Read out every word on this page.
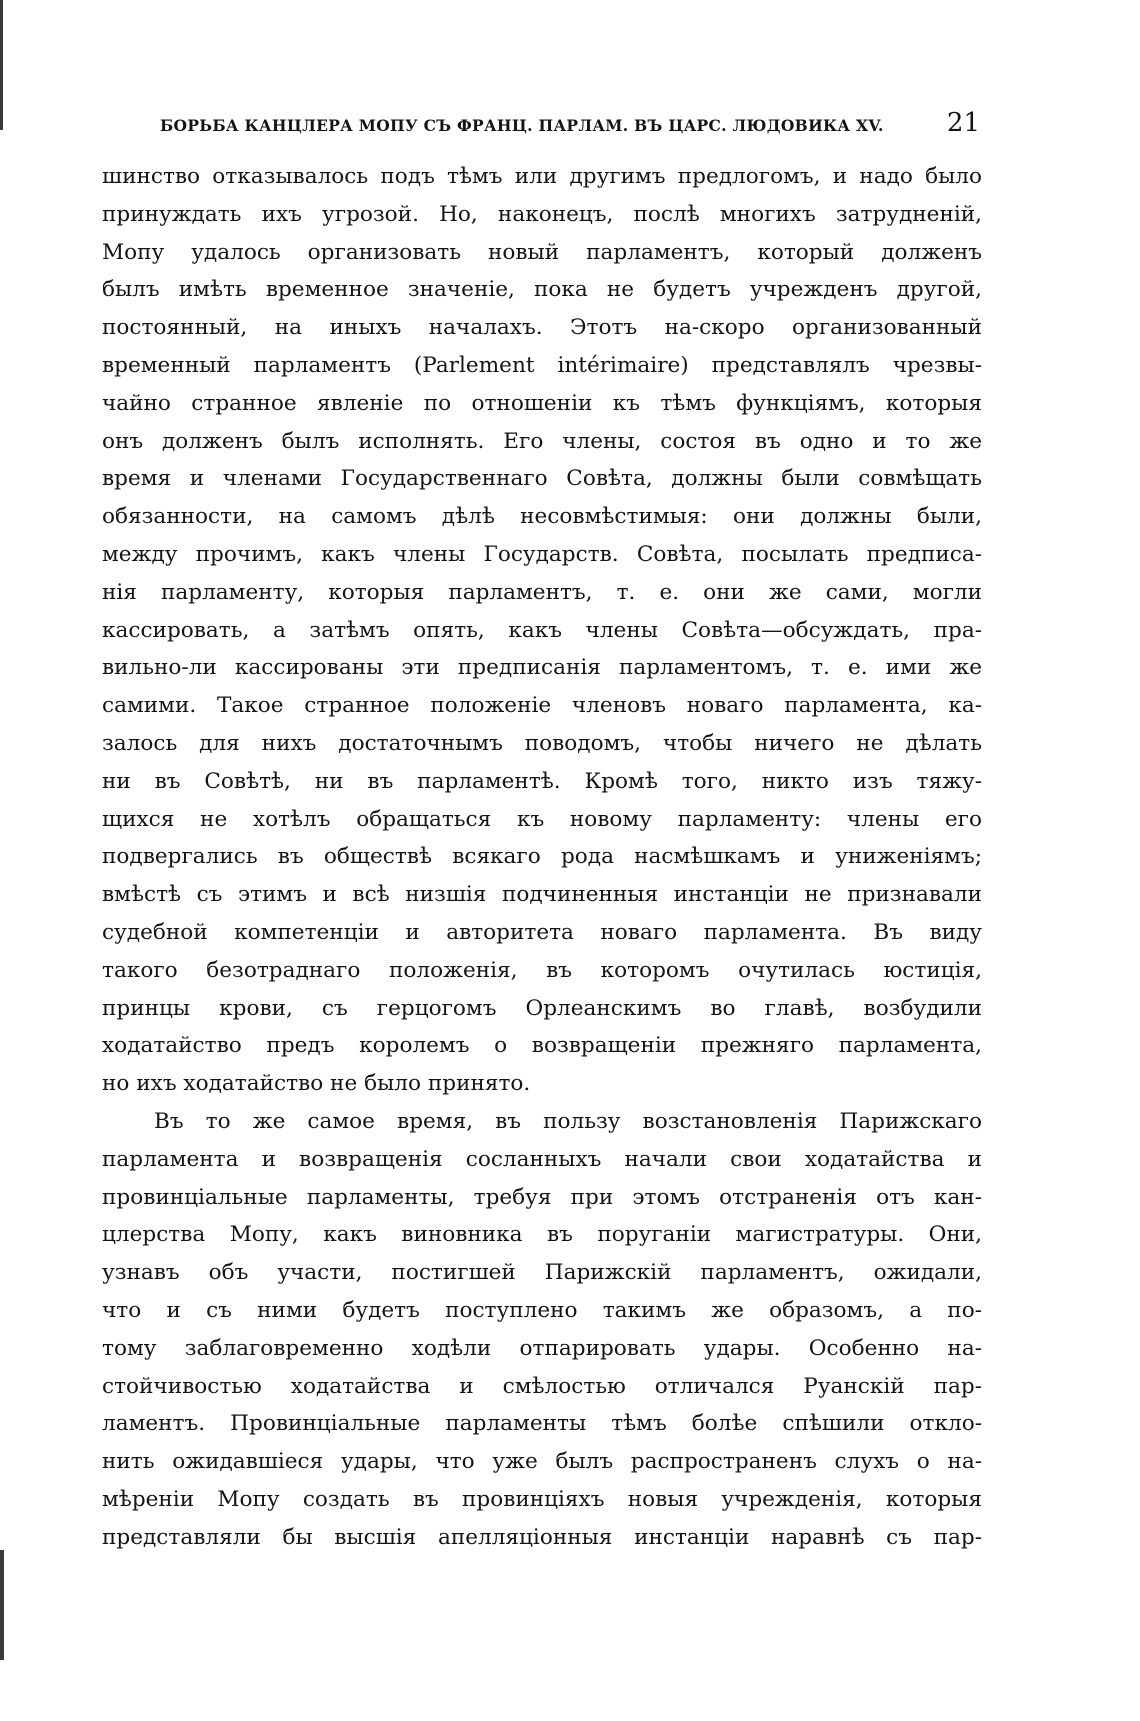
БОРЬБА КАНЦЛЕРА МОПУ СЪ ФРАНЦ. ПАРЛАМ. ВЪ ЦАРС. ЛЮДОВИКА XV. 21
шинство отказывалось подъ тѣмъ или другимъ предлогомъ, и надо было
принуждать ихъ угрозой. Но, наконецъ, послѣ многихъ затрудненій,
Мопу удалось организовать новый парламентъ, который долженъ
былъ имѣть временное значеніе, пока не будетъ учрежденъ другой,
постоянный, на иныхъ началахъ. Этотъ на-скоро организованный
временный парламентъ (Parlement intérimaire) представлялъ чрезвы-
чайно странное явленіе по отношеніи къ тѣмъ функціямъ, которыя
онъ долженъ былъ исполнять. Его члены, состоя въ одно и то же
время и членами Государственнаго Совѣта, должны были совмѣщать
обязанности, на самомъ дѣлѣ несовмѣстимыя: они должны были,
между прочимъ, какъ члены Государств. Совѣта, посылать предписа-
нія парламенту, которыя парламентъ, т. е. они же сами, могли
кассировать, а затѣмъ опять, какъ члены Совѣта—обсуждать, пра-
вильно-ли кассированы эти предписанія парламентомъ, т. е. ими же
самими. Такое странное положеніе членовъ новаго парламента, ка-
залось для нихъ достаточнымъ поводомъ, чтобы ничего не дѣлать
ни въ Совѣтѣ, ни въ парламентѣ. Кромѣ того, никто изъ тяжу-
щихся не хотѣлъ обращаться къ новому парламенту: члены его
подвергались въ обществѣ всякаго рода насмѣшкамъ и униженіямъ;
вмѣстѣ съ этимъ и всѣ низшія подчиненныя инстанціи не признавали
судебной компетенціи и авторитета новаго парламента. Въ виду
такого безотраднаго положенія, въ которомъ очутилась юстиція,
принцы крови, съ герцогомъ Орлеанскимъ во главѣ, возбудили
ходатайство предъ королемъ о возвращеніи прежняго парламента,
но ихъ ходатайство не было принято.
Въ то же самое время, въ пользу возстановленія Парижскаго
парламента и возвращенія сосланныхъ начали свои ходатайства и
провинціальные парламенты, требуя при этомъ отстраненія отъ кан-
цлерства Мопу, какъ виновника въ поруганіи магистратуры. Они,
узнавъ объ участи, постигшей Парижскій парламентъ, ожидали,
что и съ ними будетъ поступлено такимъ же образомъ, а по-
тому заблаговременно ходѣли отпарировать удары. Особенно на-
стойчивостью ходатайства и смѣлостью отличался Руанскій пар-
ламентъ. Провинціальные парламенты тѣмъ болѣе спѣшили откло-
нить ожидавшіеся удары, что уже былъ распространенъ слухъ о на-
мѣреніи Мопу создать въ провинціяхъ новыя учрежденія, которыя
представляли бы высшія апелляціонныя инстанціи наравнѣ съ пар-
